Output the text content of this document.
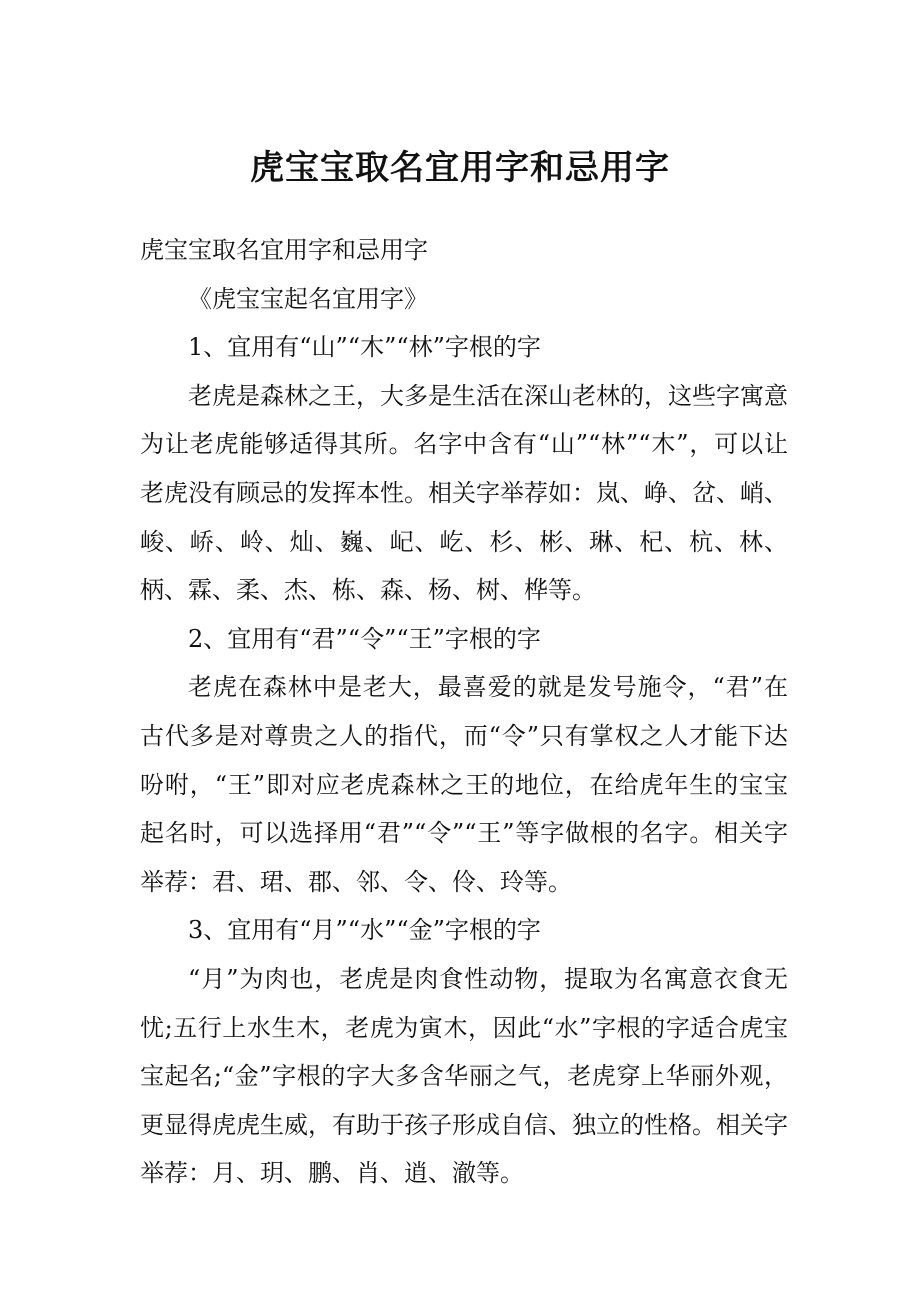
虎宝宝取名宜用字和忌用字

虎宝宝取名宜用字和忌用字

《虎宝宝起名宜用字》

1、宜用有“山”“木”“林”字根的字

老虎是森林之王，大多是生活在深山老林的，这些字寓意为让老虎能够适得其所。名字中含有“山”“林”“木”，可以让老虎没有顾忌的发挥本性。相关字举荐如：岚、峥、岔、峭、峻、峤、岭、灿、巍、屺、屹、杉、彬、琳、杞、杭、林、柄、霖、柔、杰、栋、森、杨、树、桦等。

2、宜用有“君”“令”“王”字根的字

老虎在森林中是老大，最喜爱的就是发号施令，“君”在古代多是对尊贵之人的指代，而“令”只有掌权之人才能下达吩咐，“王”即对应老虎森林之王的地位，在给虎年生的宝宝起名时，可以选择用“君”“令”“王”等字做根的名字。相关字举荐：君、珺、郡、邻、令、伶、玲等。

3、宜用有“月”“水”“金”字根的字

“月”为肉也，老虎是肉食性动物，提取为名寓意衣食无忧;五行上水生木，老虎为寅木，因此“水”字根的字适合虎宝宝起名;“金”字根的字大多含华丽之气，老虎穿上华丽外观，更显得虎虎生威，有助于孩子形成自信、独立的性格。相关字举荐：月、玥、鹏、肖、逍、澈等。
